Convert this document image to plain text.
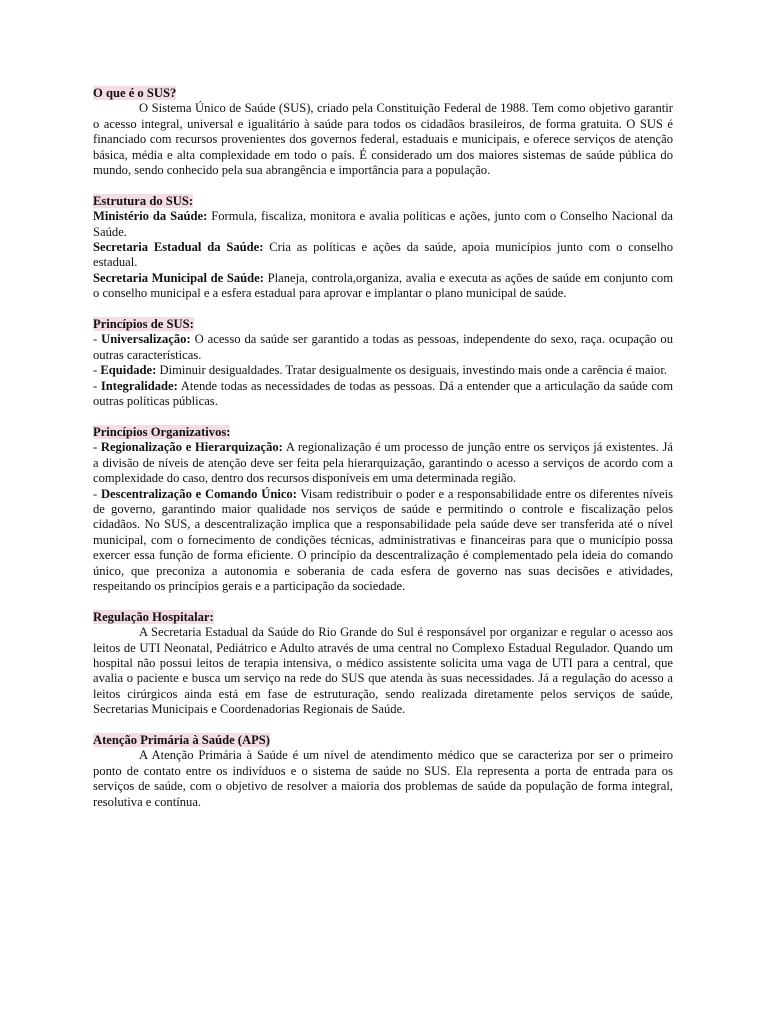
O que é o SUS?

O Sistema Único de Saúde (SUS), criado pela Constituição Federal de 1988. Tem como objetivo garantir o acesso integral, universal e igualitário à saúde para todos os cidadãos brasileiros, de forma gratuita. O SUS é financiado com recursos provenientes dos governos federal, estaduais e municipais, e oferece serviços de atenção básica, média e alta complexidade em todo o país. É considerado um dos maiores sistemas de saúde pública do mundo, sendo conhecido pela sua abrangência e importância para a população.

Estrutura do SUS:

Ministério da Saúde: Formula, fiscaliza, monitora e avalia políticas e ações, junto com o Conselho Nacional da Saúde.

Secretaria Estadual da Saúde: Cria as políticas e ações da saúde, apoia municípios junto com o conselho estadual.

Secretaria Municipal de Saúde: Planeja, controla,organiza, avalia e executa as ações de saúde em conjunto com o conselho municipal e a esfera estadual para aprovar e implantar o plano municipal de saúde.

Princípios de SUS:

- Universalização: O acesso da saúde ser garantido a todas as pessoas, independente do sexo, raça. ocupação ou outras características.

- Equidade: Diminuir desigualdades. Tratar desigualmente os desiguais, investindo mais onde a carência é maior.

- Integralidade: Atende todas as necessidades de todas as pessoas. Dá a entender que a articulação da saúde com outras políticas públicas.

Princípios Organizativos:

- Regionalização e Hierarquização: A regionalização é um processo de junção entre os serviços já existentes. Já a divisão de níveis de atenção deve ser feita pela hierarquização, garantindo o acesso a serviços de acordo com a complexidade do caso, dentro dos recursos disponíveis em uma determinada região.

- Descentralização e Comando Único: Visam redistribuir o poder e a responsabilidade entre os diferentes níveis de governo, garantindo maior qualidade nos serviços de saúde e permitindo o controle e fiscalização pelos cidadãos. No SUS, a descentralização implica que a responsabilidade pela saúde deve ser transferida até o nível municipal, com o fornecimento de condições técnicas, administrativas e financeiras para que o município possa exercer essa função de forma eficiente. O princípio da descentralização é complementado pela ideia do comando único, que preconiza a autonomia e soberania de cada esfera de governo nas suas decisões e atividades, respeitando os princípios gerais e a participação da sociedade.

Regulação Hospitalar:

A Secretaria Estadual da Saúde do Rio Grande do Sul é responsável por organizar e regular o acesso aos leitos de UTI Neonatal, Pediátrico e Adulto através de uma central no Complexo Estadual Regulador. Quando um hospital não possui leitos de terapia intensiva, o médico assistente solicita uma vaga de UTI para a central, que avalia o paciente e busca um serviço na rede do SUS que atenda às suas necessidades. Já a regulação do acesso a leitos cirúrgicos ainda está em fase de estruturação, sendo realizada diretamente pelos serviços de saúde, Secretarias Municipais e Coordenadorias Regionais de Saúde.

Atenção Primária à Saúde (APS)

A Atenção Primária à Saúde é um nível de atendimento médico que se caracteriza por ser o primeiro ponto de contato entre os indivíduos e o sistema de saúde no SUS. Ela representa a porta de entrada para os serviços de saúde, com o objetivo de resolver a maioria dos problemas de saúde da população de forma integral, resolutiva e contínua.
